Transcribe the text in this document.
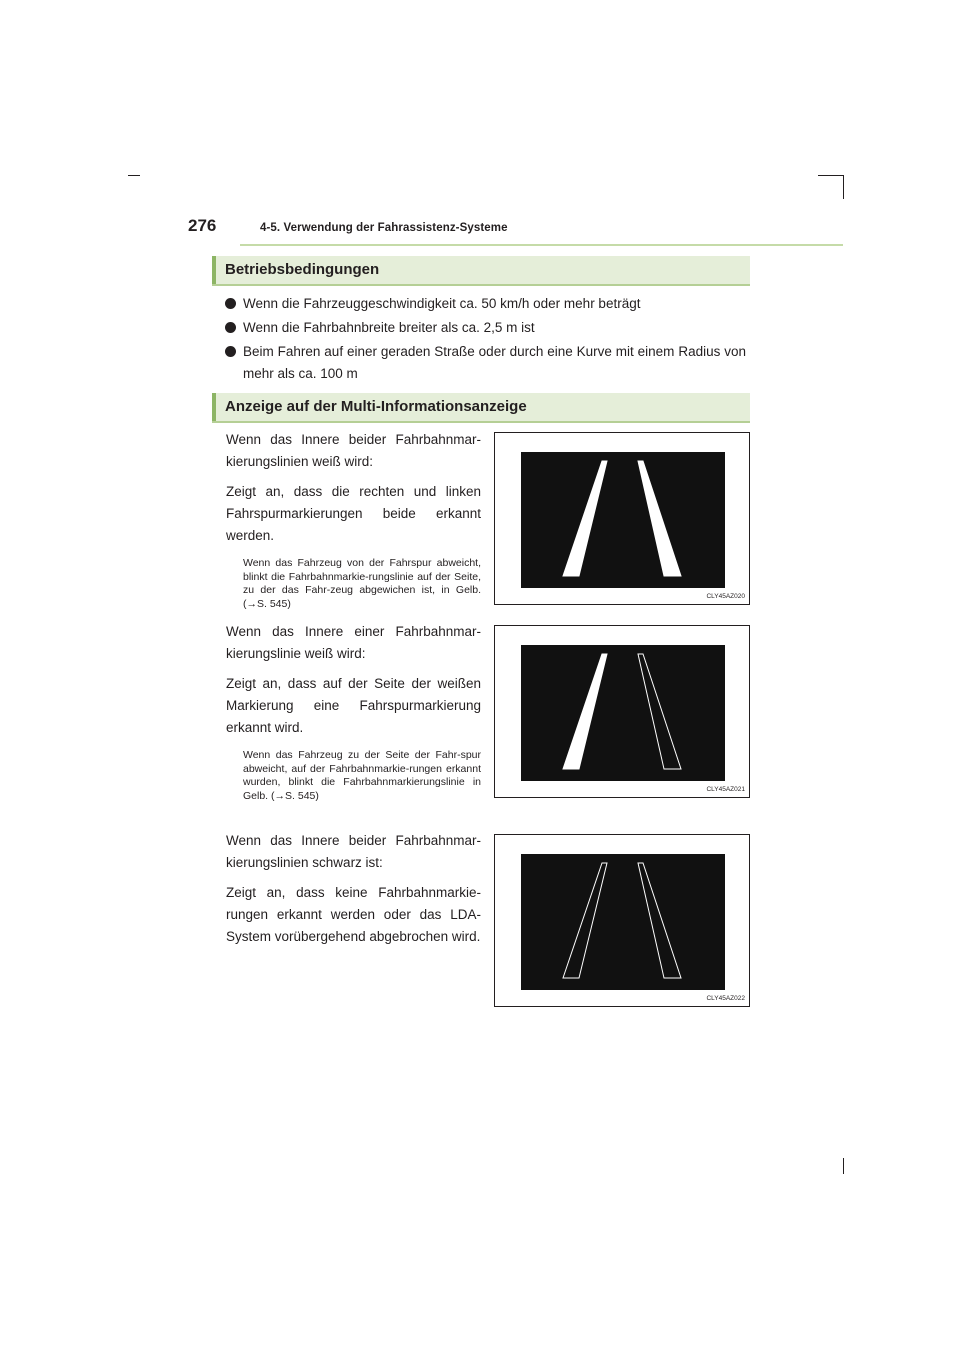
276	4-5. Verwendung der Fahrassistenz-Systeme
Betriebsbedingungen
Wenn die Fahrzeuggeschwindigkeit ca. 50 km/h oder mehr beträgt
Wenn die Fahrbahnbreite breiter als ca. 2,5 m ist
Beim Fahren auf einer geraden Straße oder durch eine Kurve mit einem Radius von mehr als ca. 100 m
Anzeige auf der Multi-Informationsanzeige

Wenn das Innere beider Fahrbahnmar-kierungslinien weiß wird:

Zeigt an, dass die rechten und linken Fahrspurmarkierungen beide erkannt werden.

Wenn das Fahrzeug von der Fahrspur abweicht, blinkt die Fahrbahnmarkie-rungslinie auf der Seite, zu der das Fahr-zeug abgewichen ist, in Gelb. (→S. 545)

CLY45AZ020

Wenn das Innere einer Fahrbahnmar-kierungslinie weiß wird:

Zeigt an, dass auf der Seite der weißen Markierung eine Fahrspurmarkierung erkannt wird.

Wenn das Fahrzeug zu der Seite der Fahr-spur abweicht, auf der Fahrbahnmarkie-rungen erkannt wurden, blinkt die Fahrbahnmarkierungslinie in Gelb. (→S. 545)	CLY45AZ021

Wenn das Innere beider Fahrbahnmar-kierungslinien schwarz ist:

Zeigt an, dass keine Fahrbahnmarkie-rungen erkannt werden oder das LDA-System vorübergehend abgebrochen wird.

CLY45AZ022
